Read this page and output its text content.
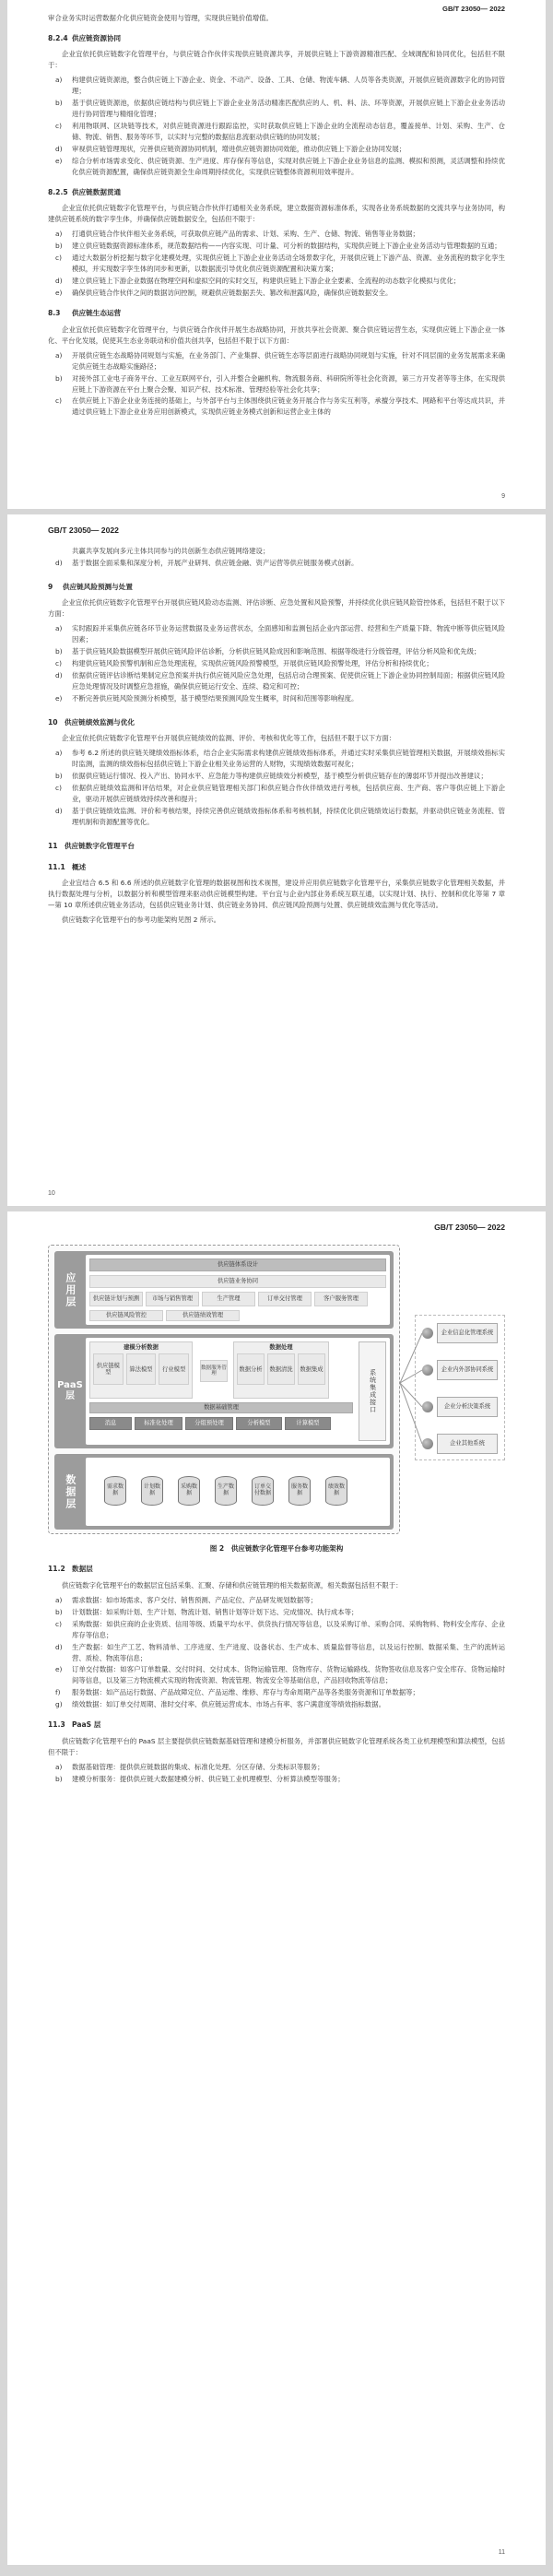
GB/T 23050— 2022

审合业务实时运营数据介化供应链资金使用与管理，实现供应链价值增值。

8.2.4 供应链资源协同

企业宜依托供应链数字化管理平台，与供应链合作伙伴实现供应链资源共享，开展供应链上下游资源精准匹配、全域调配和协同优化，包括但不限于：

a) 构建供应链资源池，整合供应链上下游企业、资金、不动产、设备、工具、仓储、物流车辆、人员等各类资源，开展供应链资源数字化的协同管理；
b) 基于供应链资源池，依据供应链结构与供应链上下游企业业务活动精准匹配供应的人、机、料、法、环等资源，开展供应链上下游企业业务活动进行协同管理与精细化管理；
c) 利用物联网、区块链等技术，对供应链资源进行跟踪监控，实时获取供应链上下游企业的全流程动态信息，覆盖接单、计划、采购、生产、仓储、物流、销售、服务等环节，以实时与完整的数据信息流驱动供应链的协同发展；
d) 审视供应链管理现状，完善供应链资源协同机制，增进供应链资源协同效能，推动供应链上下游企业协同发展；
e) 综合分析市场需求变化、供应链资源、生产进度、库存保有等信息，实现对供应链上下游企业业务信息的监测、模拟和预测，灵活调整和持续优化供应链资源配置，确保供应链资源全生命周期持续优化，实现供应链整体资源利用效率提升。
8.2.5 供应链数据贯通

企业宜依托供应链数字化管理平台，与供应链合作伙伴打通相关业务系统，建立数据资源标准体系，实现各业务系统数据的交流共享与业务协同，构建供应链系统的数字孪生体，并确保供应链数据安全，包括但不限于：

a) 打通供应链合作伙伴相关业务系统，可获取供应链产品的需求、计划、采购、生产、仓储、物流、销售等业务数据；
b) 建立供应链数据资源标准体系，规范数据结构——内容实现、可计量、可分析的数据结构，实现供应链上下游企业业务活动与管理数据的互通；
c) 通过大数据分析挖掘与数字化建模处理，实现供应链上下游企业业务活动全场景数字化，开展供应链上下游产品、资源、业务流程的数字化孪生模拟，并实现数字孪生体的同步和更新，以数据流引导优化供应链资源配置和决策方案；
d) 建立供应链上下游企业数据在物理空间和虚拟空间的实时交互，构建供应链上下游企业全要素、全流程的动态数字化模拟与优化；
e) 确保供应链合作伙伴之间的数据访问控制，规避供应链数据丢失、篡改和泄露风险，确保供应链数据安全。
8.3 供应链生态运营

企业宜依托供应链数字化管理平台，与供应链合作伙伴开展生态战略协同，开放共享社会资源、聚合供应链运营生态，实现供应链上下游企业一体化、平台化发展，促使其生态业务联动和价值共创共享，包括但不限于以下方面：

a) 开展供应链生态战略协同规划与实施，在业务部门、产业集群、供应链生态等层面进行战略协同规划与实施，针对不同层面的业务发展需求来确定供应链生态战略实施路径；
b) 对接外部工业电子商务平台、工业互联网平台，引入并整合金融机构、物流服务商、科研院所等社会化资源，第三方开发者等等主体，在实现供应链上下游资源在平台上聚合会聚、知识产权、技术标准、管理经验等社会化共享；
c) 在供应链上下游企业业务连接的基础上，与外部平台与主体围绕供应链业务开展合作与务实互利等，承擅分享技术、网路和平台等达成共识，并通过供应链上下游企业业务应用创新模式，实现供应链业务模式创新和运营企业主体的
9
GB/T 23050— 2022
共赢共享发展向多元主体共同参与的共创新生态供应链网络建设；
d) 基于数据全面采集和深度分析，开展产业研判、供应链金融、资产运营等供应链服务模式创新。
9 供应链风险预测与处置

企业宜依托供应链数字化管理平台开展供应链风险动态监测、评估诊断、应急处置和风险预警，并持续优化供应链风险管控体系，包括但不限于以下方面：

a) 实时跟踪并采集供应链各环节业务运营数据及业务运营状态，全面感知和监测包括企业内部运营、经营和生产质量下降、物流中断等供应链风险因素；
b) 基于供应链风险数据模型开展供应链风险评估诊断，分析供应链风险成因和影响范围、根据等级进行分级管理，评估分析风险和优先级；
c) 构建供应链风险预警机制和应急处理流程，实现供应链风险预警模型，开展供应链风险预警处理，评估分析和持续优化；
d) 依据供应链评估诊断结果制定应急预案并执行供应链风险应急处理，包括启动合理预案、促使供应链上下游企业协同控制局面；根据供应链风险应急处理情况及时调整应急措施，确保供应链运行安全、连续、稳定和可控；
e) 不断完善供应链风险预测分析模型，基于模型结果预测风险发生概率，时间和范围等影响程度。
10 供应链绩效监测与优化

企业宜依托供应链数字化管理平台开展供应链绩效的监测、评价、考核和优化等工作，包括但不限于以下方面：

a) 参考 6.2 所述的供应链关键绩效指标体系，结合企业实际需求构建供应链绩效指标体系，并通过实时采集供应链管理相关数据，开展绩效指标实时监测，监测的绩效指标包括供应链上下游企业相关业务运营的人财物，实现绩效数据可视化；
b) 依据供应链运行情况、投入产出、协同水平、应急能力等构建供应链绩效分析模型，基于模型分析供应链存在的薄弱环节并提出改善建议；
c) 依据供应链绩效监测和评估结果，对企业供应链管理相关部门和供应链合作伙伴绩效进行考核，包括供应商、生产商、客户等供应链上下游企业，驱动开展供应链绩效持续改善和提升；
d) 基于供应链绩效监测、评价和考核结果，持续完善供应链绩效指标体系和考核机制，持续优化供应链绩效运行数据，并驱动供应链业务流程、管理机制和资源配置等优化。
11 供应链数字化管理平台
11.1 概述

企业宜结合 6.5 和 6.6 所述的供应链数字化管理的数据视图和技术视图，建设并应用供应链数字化管理平台，采集供应链数字化管理相关数据，并执行数据处理与分析，以数据分析和模型管理来驱动供应链模型构建。平台宜与企业内部业务系统互联互通，以实现计划、执行、控制和优化等第 7 章—第 10 章所述供应链业务活动，包括供应链业务计划、供应链业务协同、供应链风险预测与处置、供应链绩效监测与优化等活动。

供应链数字化管理平台的参考功能架构见图 2 所示。

10
GB/T 23050— 2022
应用层
供应链体系设计
供应链业务协同
供应链计划与预测	市场与销售管理	生产管理	订单交付管理	客户服务管理
供应链风险管控	供应链绩效管理
PaaS层
建模分析数据
供应链模型
算法模型	行业模型
数据处理
数据分析	数据清洗	数据集成
数据服务管理
数据基础管理
消息	标准化处理	分组预处理	分析模型	计算模型
系统集成接口
数据层	需求数据
计划数据
采购数据
生产数据
订单交付数据
服务数据
绩效数据
企业信息化管理系统
企业内外部协同系统
企业分析決策系统
企业其他系统
图 2　供应链数字化管理平台参考功能架构
11.2 数据层

供应链数字化管理平台的数据层宜包括采集、汇聚、存储和供应链管理的相关数据资源，相关数据包括但不限于：

a) 需求数据：如市场需求、客户交付、销售预测、产品定位、产品研发规划数据等；
b) 计划数据：如采购计划、生产计划、物流计划、销售计划等计划下达、完成情况、执行成本等；
c) 采购数据：如供应商的企业资质、信用等级、质量平均水平、供货执行情况等信息，以及采购订单、采购合同、采购物料、物料安全库存、企业库存等信息；
d) 生产数据：如生产工艺、物料清单、工序进度、生产进度、设备状态、生产成本、质量监督等信息，以及运行控制、数据采集、生产的流转运营、质检、物流等信息；
e) 订单交付数据：如客户订单数量、交付时间、交付成本、货物运输管理、货物库存、货物运输路线、货物签收信息及客户安全库存、货物运输时间等信息，以及第三方物流模式实现的物流资源、物流管理、物流安全等基础信息，产品回收物流等信息；
f) 服务数据：如产品运行数据、产品故障定位、产品运维、维修、库存与寿命周期产品等各类服务资源和订单数据等；
g) 绩效数据：如订单交付周期、准时交付率、供应链运营成本、市场占有率、客户满意度等绩效指标数据。
11.3 PaaS 层

供应链数字化管理平台的 PaaS 层主要提供供应链数据基础管理和建模分析服务，并部署供应链数字化管理系统各类工业机理模型和算法模型，包括但不限于：

a) 数据基础管理：提供供应链数据的集成、标准化处理、分区存储、分类标识等服务；
b) 建模分析服务：提供供应链大数据建模分析、供应链工业机理模型、分析算法模型等服务；
11
